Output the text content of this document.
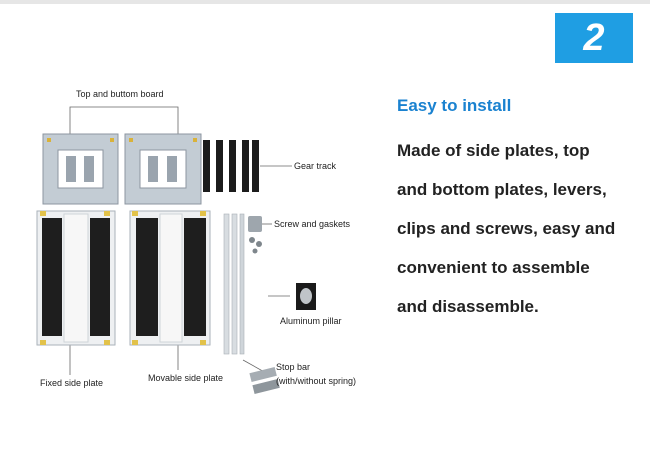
2
Top and buttom board
Gear track
Screw and gaskets
Aluminum pillar
Fixed side plate	Movable side plate
Stop bar
(with/without spring)
Easy to install
Made of side plates, top
and bottom plates, levers,
clips and screws, easy and
convenient to assemble
and disassemble.
